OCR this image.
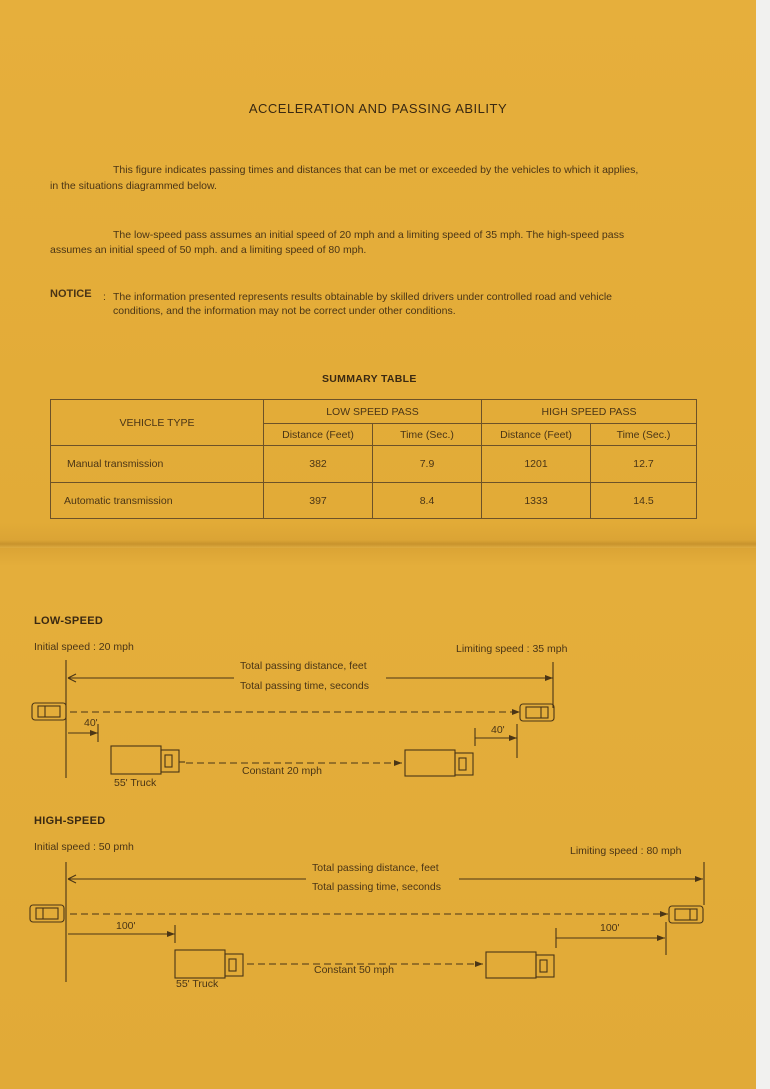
ACCELERATION AND PASSING ABILITY
This figure indicates passing times and distances that can be met or exceeded by the vehicles to which it applies,
in the situations diagrammed below.
The low-speed pass assumes an initial speed of 20 mph and a limiting speed of 35 mph. The high-speed pass
assumes an initial speed of 50 mph. and a limiting speed of 80 mph.
NOTICE : The information presented represents results obtainable by skilled drivers under controlled road and vehicle
conditions, and the information may not be correct under other conditions.
SUMMARY TABLE
VEHICLE TYPE	LOW SPEED PASS		HIGH SPEED PASS	
	Distance (Feet)	Time (Sec.)	Distance (Feet)	Time (Sec.)
Manual transmission	382	7.9	1201	12.7
Automatic transmission	397	8.4	1333	14.5
LOW-SPEED
Initial speed : 20 mph	Limiting speed : 35 mph
Total passing distance, feet
Total passing time, seconds
40'
40'
Constant 20 mph
55' Truck
HIGH-SPEED
Initial speed : 50 pmh	Limiting speed : 80 mph
Total passing distance, feet
Total passing time, seconds
100'	100'
Constant 50 mph
55' Truck
